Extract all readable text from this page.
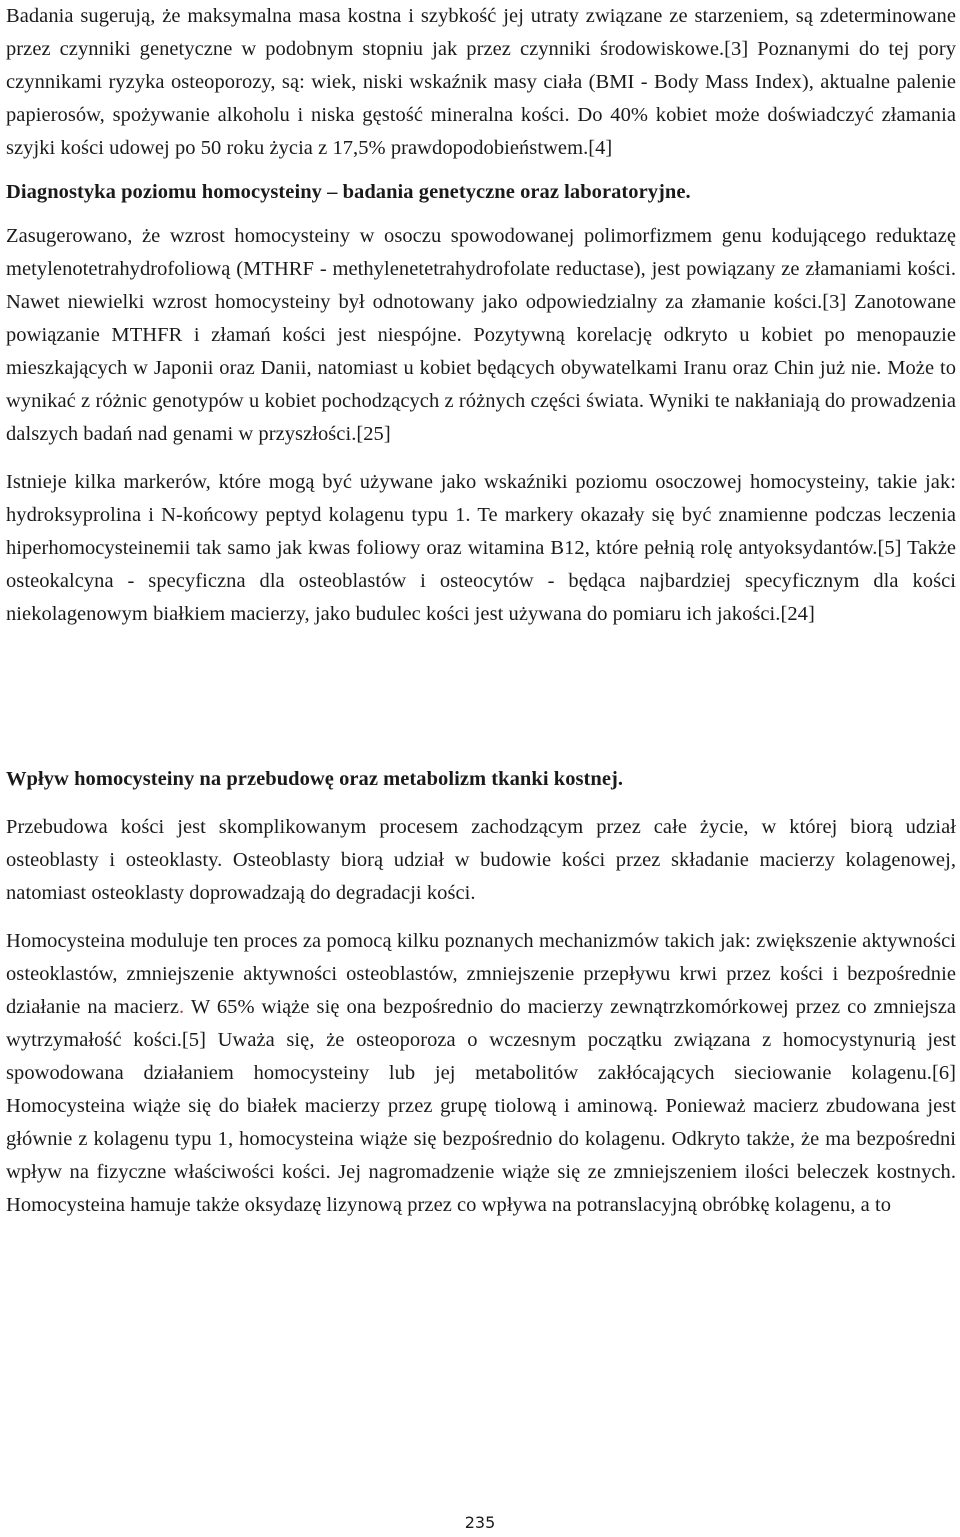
Badania sugerują, że maksymalna masa kostna i szybkość jej utraty związane ze starzeniem, są zdeterminowane przez czynniki genetyczne w podobnym stopniu jak przez czynniki środowiskowe.[3] Poznanymi do tej pory czynnikami ryzyka osteoporozy, są: wiek, niski wskaźnik masy ciała (BMI - Body Mass Index), aktualne palenie papierosów, spożywanie alkoholu i niska gęstość mineralna kości. Do 40% kobiet może doświadczyć złamania szyjki kości udowej po 50 roku życia z 17,5% prawdopodobieństwem.[4]

Diagnostyka poziomu homocysteiny – badania genetyczne oraz laboratoryjne.

Zasugerowano, że wzrost homocysteiny w osoczu spowodowanej polimorfizmem genu kodującego reduktazę metylenotetrahydrofoliową (MTHRF - methylenetetrahydrofolate reductase), jest powiązany ze złamaniami kości. Nawet niewielki wzrost homocysteiny był odnotowany jako odpowiedzialny za złamanie kości.[3] Zanotowane powiązanie MTHFR i złamań kości jest niespójne. Pozytywną korelację odkryto u kobiet po menopauzie mieszkających w Japonii oraz Danii, natomiast u kobiet będących obywatelkami Iranu oraz Chin już nie. Może to wynikać z różnic genotypów u kobiet pochodzących z różnych części świata. Wyniki te nakłaniają do prowadzenia dalszych badań nad genami w przyszłości.[25]

Istnieje kilka markerów, które mogą być używane jako wskaźniki poziomu osoczowej homocysteiny, takie jak: hydroksyprolina i N-końcowy peptyd kolagenu typu 1. Te markery okazały się być znamienne podczas leczenia hiperhomocysteinemii tak samo jak kwas foliowy oraz witamina B12, które pełnią rolę antyoksydantów.[5] Także osteokalcyna - specyficzna dla osteoblastów i osteocytów - będąca najbardziej specyficznym dla kości niekolagenowym białkiem macierzy, jako budulec kości jest używana do pomiaru ich jakości.[24]

Wpływ homocysteiny na przebudowę oraz metabolizm tkanki kostnej.

Przebudowa kości jest skomplikowanym procesem zachodzącym przez całe życie, w której biorą udział osteoblasty i osteoklasty. Osteoblasty biorą udział w budowie kości przez składanie macierzy kolagenowej, natomiast osteoklasty doprowadzają do degradacji kości.

Homocysteina moduluje ten proces za pomocą kilku poznanych mechanizmów takich jak: zwiększenie aktywności osteoklastów, zmniejszenie aktywności osteoblastów, zmniejszenie przepływu krwi przez kości i bezpośrednie działanie na macierz. W 65% wiąże się ona bezpośrednio do macierzy zewnątrzkomórkowej przez co zmniejsza wytrzymałość kości.[5] Uważa się, że osteoporoza o wczesnym początku związana z homocystynurią jest spowodowana działaniem homocysteiny lub jej metabolitów zakłócających sieciowanie kolagenu.[6] Homocysteina wiąże się do białek macierzy przez grupę tiolową i aminową. Ponieważ macierz zbudowana jest głównie z kolagenu typu 1, homocysteina wiąże się bezpośrednio do kolagenu. Odkryto także, że ma bezpośredni wpływ na fizyczne właściwości kości. Jej nagromadzenie wiąże się ze zmniejszeniem ilości beleczek kostnych. Homocysteina hamuje także oksydazę lizynową przez co wpływa na potranslacyjną obróbkę kolagenu, a to

235
